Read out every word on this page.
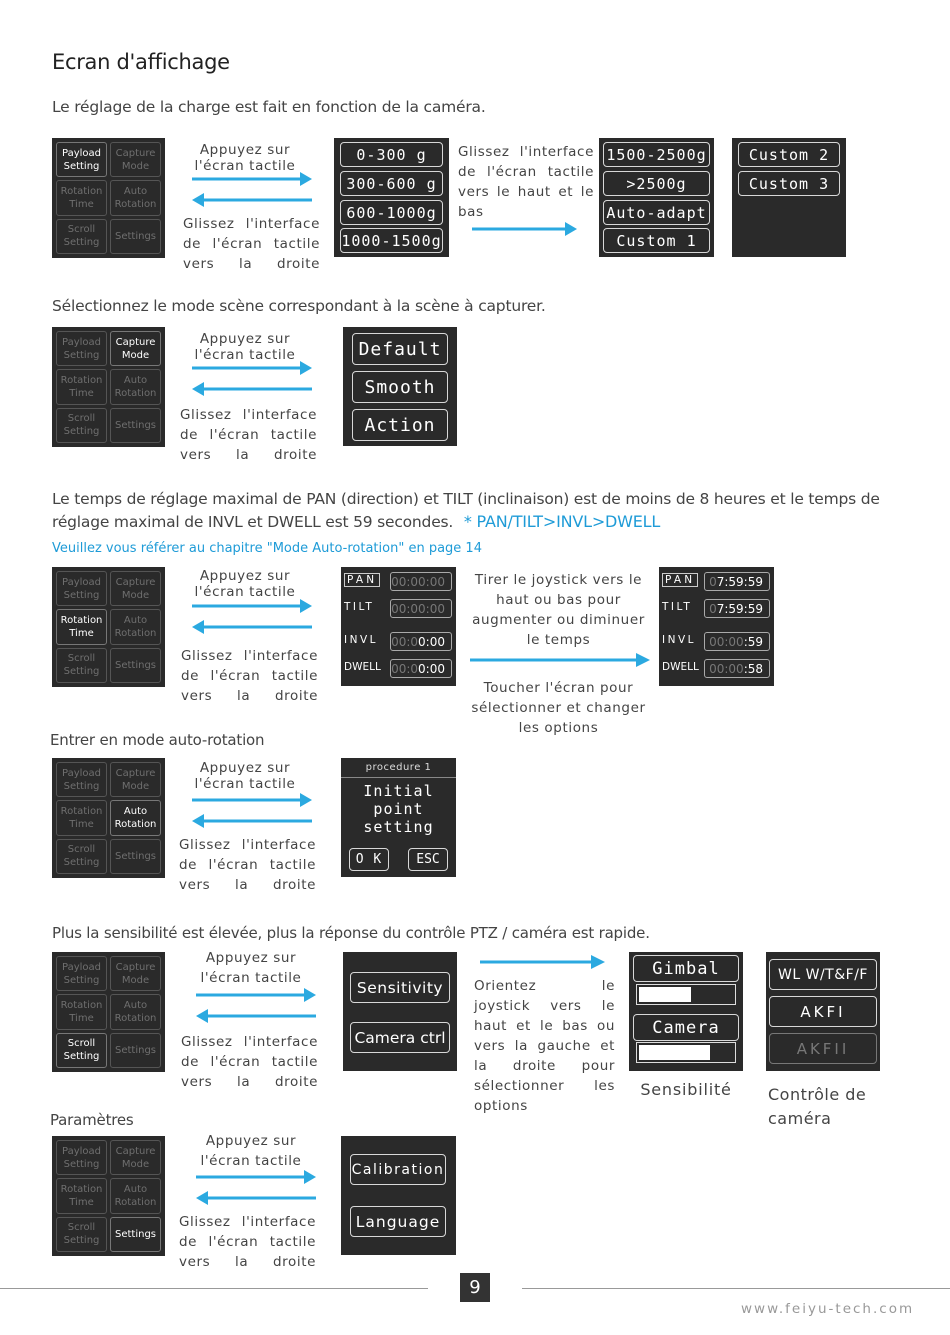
Ecran d'affichage
Le réglage de la charge est fait en fonction de la caméra.
Payload Setting
Capture Mode
Rotation Time
Auto Rotation
Scroll Setting
Settings
Appuyez sur l'écran tactile
Glissez l'interface de l'écran tactile vers la droite
0-300 g
300-600 g
600-1000g
1000-1500g
Glissez l'interface de l'écran tactile vers le haut et le bas
1500-2500g
>2500g
Auto-adapt
Custom 1
Custom 2
Custom 3
Sélectionnez le mode scène correspondant à la scène à capturer.
Payload Setting
Capture Mode
Rotation Time
Auto Rotation
Scroll Setting
Settings
Appuyez sur l'écran tactile
Glissez l'interface de l'écran tactile vers la droite
Default
Smooth
Action
Le temps de réglage maximal de PAN (direction) et TILT (inclinaison) est de moins de 8 heures et le temps de
réglage maximal de INVL et DWELL est 59 secondes. * PAN/TILT>INVL>DWELL
Veuillez vous référer au chapitre "Mode Auto-rotation" en page 14
Payload Setting
Capture Mode
Rotation Time
Auto Rotation
Scroll Setting
Settings
Appuyez sur l'écran tactile
Glissez l'interface de l'écran tactile vers la droite
PAN 00:00:00
TILT 00:00:00
INVL 00:0 0:00
DWELL 00:0 0:00
Tirer le joystick vers le haut ou bas pour augmenter ou diminuer le temps
Toucher l'écran pour sélectionner et changer les options
PAN 0 7:59:59
TILT 0 7:59:59
INVL 00:00 :59
DWELL 00:00 :58
Entrer en mode auto-rotation
Payload Setting
Capture Mode
Rotation Time
Auto Rotation
Scroll Setting
Settings
Appuyez sur l'écran tactile
Glissez l'interface de l'écran tactile vers la droite
procedure 1
Initial point setting
O K	ESC
Plus la sensibilité est élevée, plus la réponse du contrôle PTZ / caméra est rapide.
Payload Setting
Capture Mode
Rotation Time
Auto Rotation
Scroll Setting
Settings
Appuyez sur l'écran tactile
Glissez l'interface de l'écran tactile vers la droite
Sensitivity
Camera ctrl
Orientez le joystick vers le haut et le bas ou vers la gauche et la droite pour sélectionner les options
Gimbal
Camera
Sensibilité
WL W/T&F/F
AKFI
AKFII
Contrôle de caméra
Paramètres
Payload Setting
Capture Mode
Rotation Time
Auto Rotation
Scroll Setting
Settings
Appuyez sur l'écran tactile
Glissez l'interface de l'écran tactile vers la droite
Calibration
Language
9
www.feiyu-tech.com
